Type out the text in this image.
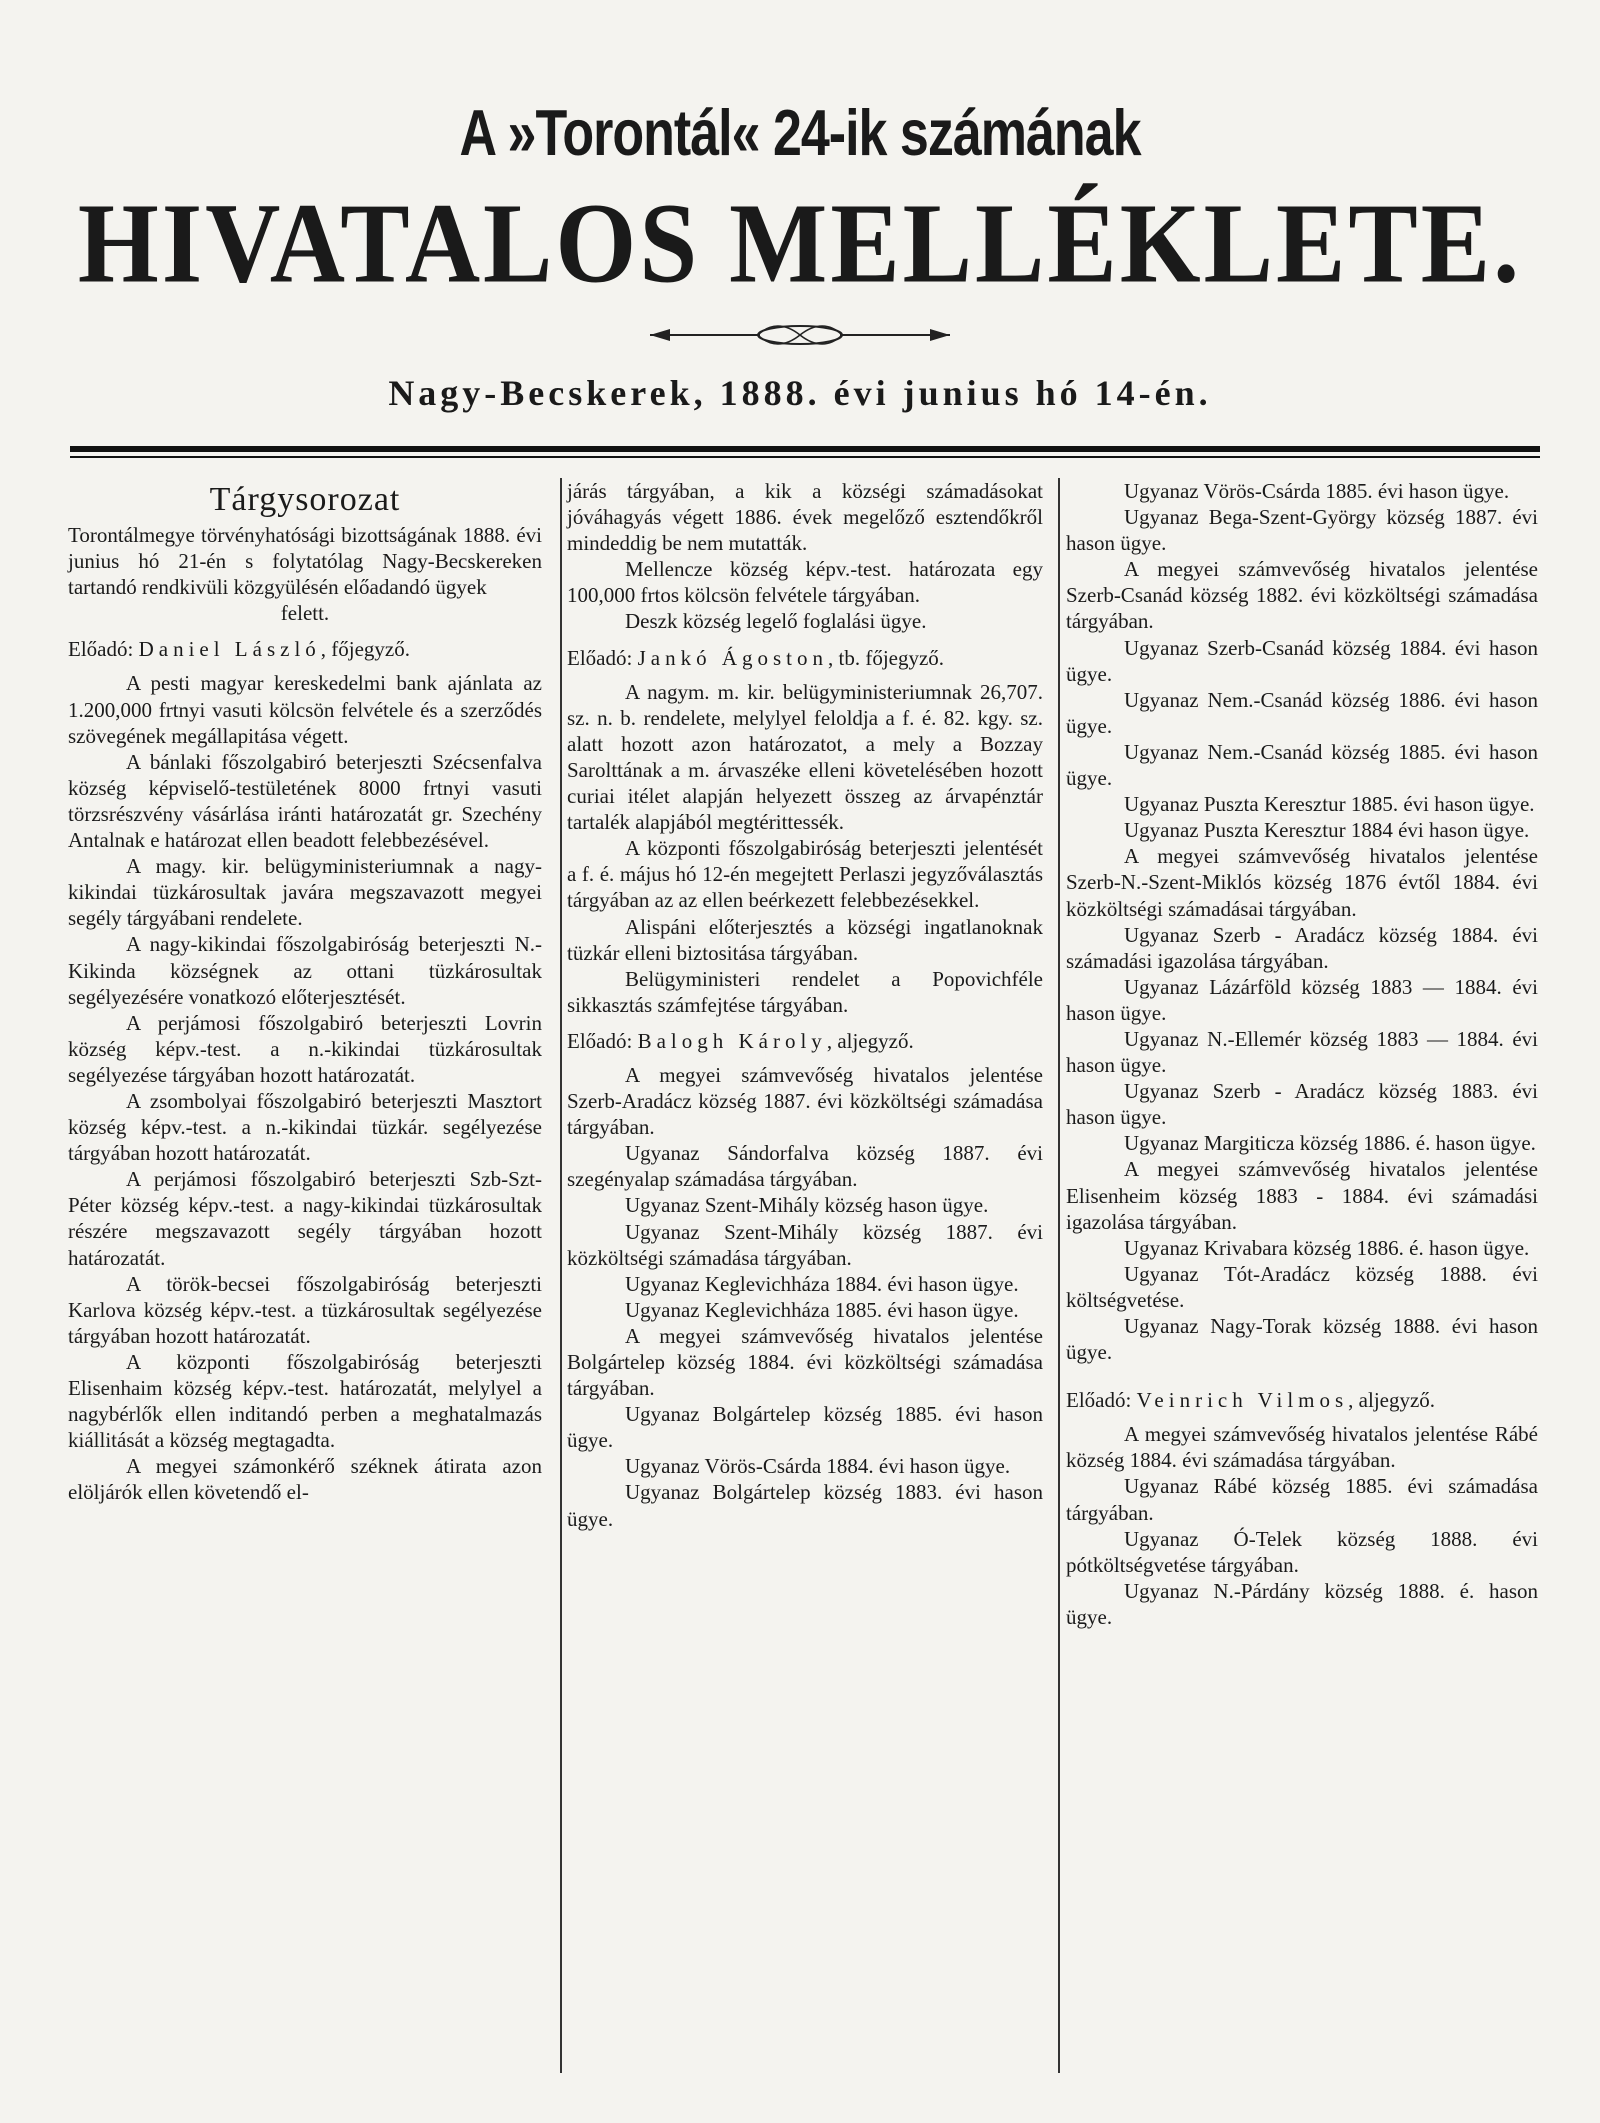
A »Torontál« 24-ik számának
HIVATALOS MELLÉKLETE.
Nagy-Becskerek, 1888. évi junius hó 14-én.

Tárgysorozat

Torontálmegye törvényhatósági bizottságának 1888. évi junius hó 21-én s folytatólag Nagy-Becskereken tartandó rendkivüli közgyülésén előadandó ügyek

felett.

Előadó: Daniel László, főjegyző.

A pesti magyar kereskedelmi bank ajánlata az 1.200,000 frtnyi vasuti kölcsön felvétele és a szerződés szövegének megállapitása végett.

A bánlaki főszolgabiró beterjeszti Szécsenfalva község képviselő-testületének 8000 frtnyi vasuti törzsrészvény vásárlása iránti határozatát gr. Szechény Antalnak e határozat ellen beadott felebbezésével.

A magy. kir. belügyministeriumnak a nagy-kikindai tüzkárosultak javára megszavazott megyei segély tárgyábani rendelete.

A nagy-kikindai főszolgabiróság beterjeszti N.-Kikinda községnek az ottani tüzkárosultak segélyezésére vonatkozó előterjesztését.

A perjámosi főszolgabiró beterjeszti Lovrin község képv.-test. a n.-kikindai tüzkárosultak segélyezése tárgyában hozott határozatát.

A zsombolyai főszolgabiró beterjeszti Masztort község képv.-test. a n.-kikindai tüzkár. segélyezése tárgyában hozott határozatát.

A perjámosi főszolgabiró beterjeszti Szb-Szt-Péter község képv.-test. a nagy-kikindai tüzkárosultak részére megszavazott segély tárgyában hozott határozatát.

A török-becsei főszolgabiróság beterjeszti Karlova község képv.-test. a tüzkárosultak segélyezése tárgyában hozott határozatát.

A központi főszolgabiróság beterjeszti Elisenhaim község képv.-test. határozatát, melylyel a nagybérlők ellen inditandó perben a meghatalmazás kiállitását a község megtagadta.

A megyei számonkérő széknek átirata azon elöljárók ellen követendő el-

járás tárgyában, a kik a községi számadásokat jóváhagyás végett 1886. évek megelőző esztendőkről mindeddig be nem mutatták.

Mellencze község képv.-test. határozata egy 100,000 frtos kölcsön felvétele tárgyában.

Deszk község legelő foglalási ügye.

Előadó: Jankó Ágoston, tb. főjegyző.

A nagym. m. kir. belügyministeriumnak 26,707. sz. n. b. rendelete, melylyel feloldja a f. é. 82. kgy. sz. alatt hozott azon határozatot, a mely a Bozzay Sarolttának a m. árvaszéke elleni követelésében hozott curiai itélet alapján helyezett összeg az árvapénztár tartalék alapjából megtérittessék.

A központi főszolgabiróság beterjeszti jelentését a f. é. május hó 12-én megejtett Perlaszi jegyzőválasztás tárgyában az az ellen beérkezett felebbezésekkel.

Alispáni előterjesztés a községi ingatlanoknak tüzkár elleni biztositása tárgyában.

Belügyministeri rendelet a Popovichféle sikkasztás számfejtése tárgyában.

Előadó: Balogh Károly, aljegyző.

A megyei számvevőség hivatalos jelentése Szerb-Aradácz község 1887. évi közköltségi számadása tárgyában.

Ugyanaz Sándorfalva község 1887. évi szegényalap számadása tárgyában.

Ugyanaz Szent-Mihály község hason ügye.

Ugyanaz Szent-Mihály község 1887. évi közköltségi számadása tárgyában.

Ugyanaz Keglevichháza 1884. évi hason ügye.

Ugyanaz Keglevichháza 1885. évi hason ügye.

A megyei számvevőség hivatalos jelentése Bolgártelep község 1884. évi közköltségi számadása tárgyában.

Ugyanaz Bolgártelep község 1885. évi hason ügye.

Ugyanaz Vörös-Csárda 1884. évi hason ügye.

Ugyanaz Bolgártelep község 1883. évi hason ügye.

Ugyanaz Vörös-Csárda 1885. évi hason ügye.

Ugyanaz Bega-Szent-György község 1887. évi hason ügye.

A megyei számvevőség hivatalos jelentése Szerb-Csanád község 1882. évi közköltségi számadása tárgyában.

Ugyanaz Szerb-Csanád község 1884. évi hason ügye.

Ugyanaz Nem.-Csanád község 1886. évi hason ügye.

Ugyanaz Nem.-Csanád község 1885. évi hason ügye.

Ugyanaz Puszta Keresztur 1885. évi hason ügye.

Ugyanaz Puszta Keresztur 1884 évi hason ügye.

A megyei számvevőség hivatalos jelentése Szerb-N.-Szent-Miklós község 1876 évtől 1884. évi közköltségi számadásai tárgyában.

Ugyanaz Szerb - Aradácz község 1884. évi számadási igazolása tárgyában.

Ugyanaz Lázárföld község 1883 — 1884. évi hason ügye.

Ugyanaz N.-Ellemér község 1883 — 1884. évi hason ügye.

Ugyanaz Szerb - Aradácz község 1883. évi hason ügye.

Ugyanaz Margiticza község 1886. é. hason ügye.

A megyei számvevőség hivatalos jelentése Elisenheim község 1883 - 1884. évi számadási igazolása tárgyában.

Ugyanaz Krivabara község 1886. é. hason ügye.

Ugyanaz Tót-Aradácz község 1888. évi költségvetése.

Ugyanaz Nagy-Torak község 1888. évi hason ügye.

Előadó: Veinrich Vilmos, aljegyző.

A megyei számvevőség hivatalos jelentése Rábé község 1884. évi számadása tárgyában.

Ugyanaz Rábé község 1885. évi számadása tárgyában.

Ugyanaz Ó-Telek község 1888. évi pótköltségvetése tárgyában.

Ugyanaz N.-Párdány község 1888. é. hason ügye.
